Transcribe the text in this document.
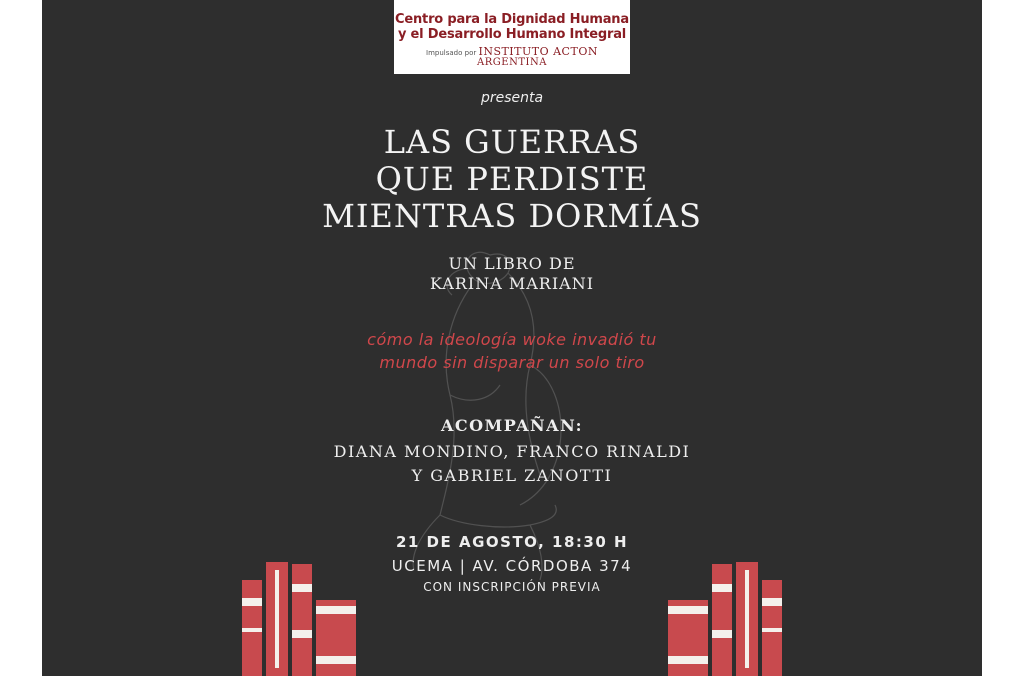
Centro para la Dignidad Humana
y el Desarrollo Humano Integral
Impulsado por INSTITUTO ACTON
ARGENTINA
presenta
LAS GUERRAS
QUE PERDISTE
MIENTRAS DORMÍAS
UN LIBRO DE
KARINA MARIANI
cómo la ideología woke invadió tu
mundo sin disparar un solo tiro
ACOMPAÑAN:
DIANA MONDINO, FRANCO RINALDI
Y GABRIEL ZANOTTI
21 DE AGOSTO, 18:30 H
UCEMA | AV. CÓRDOBA 374
CON INSCRIPCIÓN PREVIA
